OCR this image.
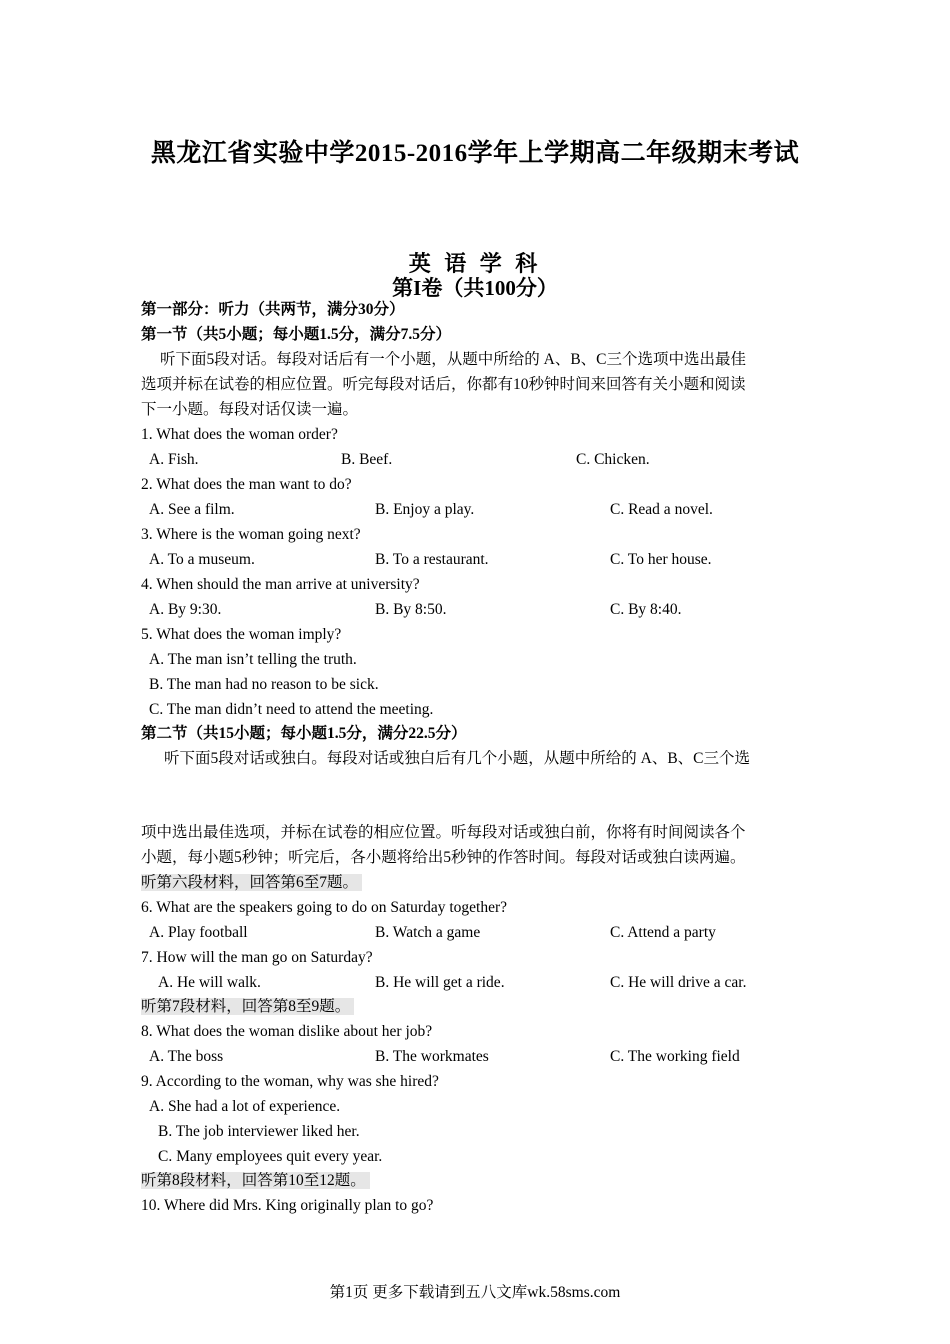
黑龙江省实验中学2015-2016学年上学期高二年级期末考试
英 语 学 科
第I卷（共100分）
第一部分：听力（共两节，满分30分）
第一节（共5小题；每小题1.5分，满分7.5分）
听下面5段对话。每段对话后有一个小题，从题中所给的 A、B、C三个选项中选出最佳
选项并标在试卷的相应位置。听完每段对话后，你都有10秒钟时间来回答有关小题和阅读
下一小题。每段对话仅读一遍。
1. What does the woman order?
A. Fish.	B. Beef.	C. Chicken.
2. What does the man want to do?
A. See a film.	B. Enjoy a play.	C. Read a novel.
3. Where is the woman going next?
A. To a museum.	B. To a restaurant.	C. To her house.
4. When should the man arrive at university?
A. By 9:30.	B. By 8:50.	C. By 8:40.
5. What does the woman imply?
A. The man isn’t telling the truth.
B. The man had no reason to be sick.
C. The man didn’t need to attend the meeting.
第二节（共15小题；每小题1.5分，满分22.5分）
听下面5段对话或独白。每段对话或独白后有几个小题，从题中所给的 A、B、C三个选
项中选出最佳选项，并标在试卷的相应位置。听每段对话或独白前，你将有时间阅读各个
小题，每小题5秒钟；听完后，各小题将给出5秒钟的作答时间。每段对话或独白读两遍。
听第六段材料，回答第6至7题。
6. What are the speakers going to do on Saturday together?
A. Play football	B. Watch a game	C. Attend a party
7. How will the man go on Saturday?
A. He will walk.	B. He will get a ride.	C. He will drive a car.
听第7段材料，回答第8至9题。
8. What does the woman dislike about her job?
A. The boss	B. The workmates	C. The working field
9. According to the woman, why was she hired?
A. She had a lot of experience.
B. The job interviewer liked her.
C. Many employees quit every year.
听第8段材料，回答第10至12题。
10. Where did Mrs. King originally plan to go?
第1页 更多下载请到五八文库wk.58sms.com
